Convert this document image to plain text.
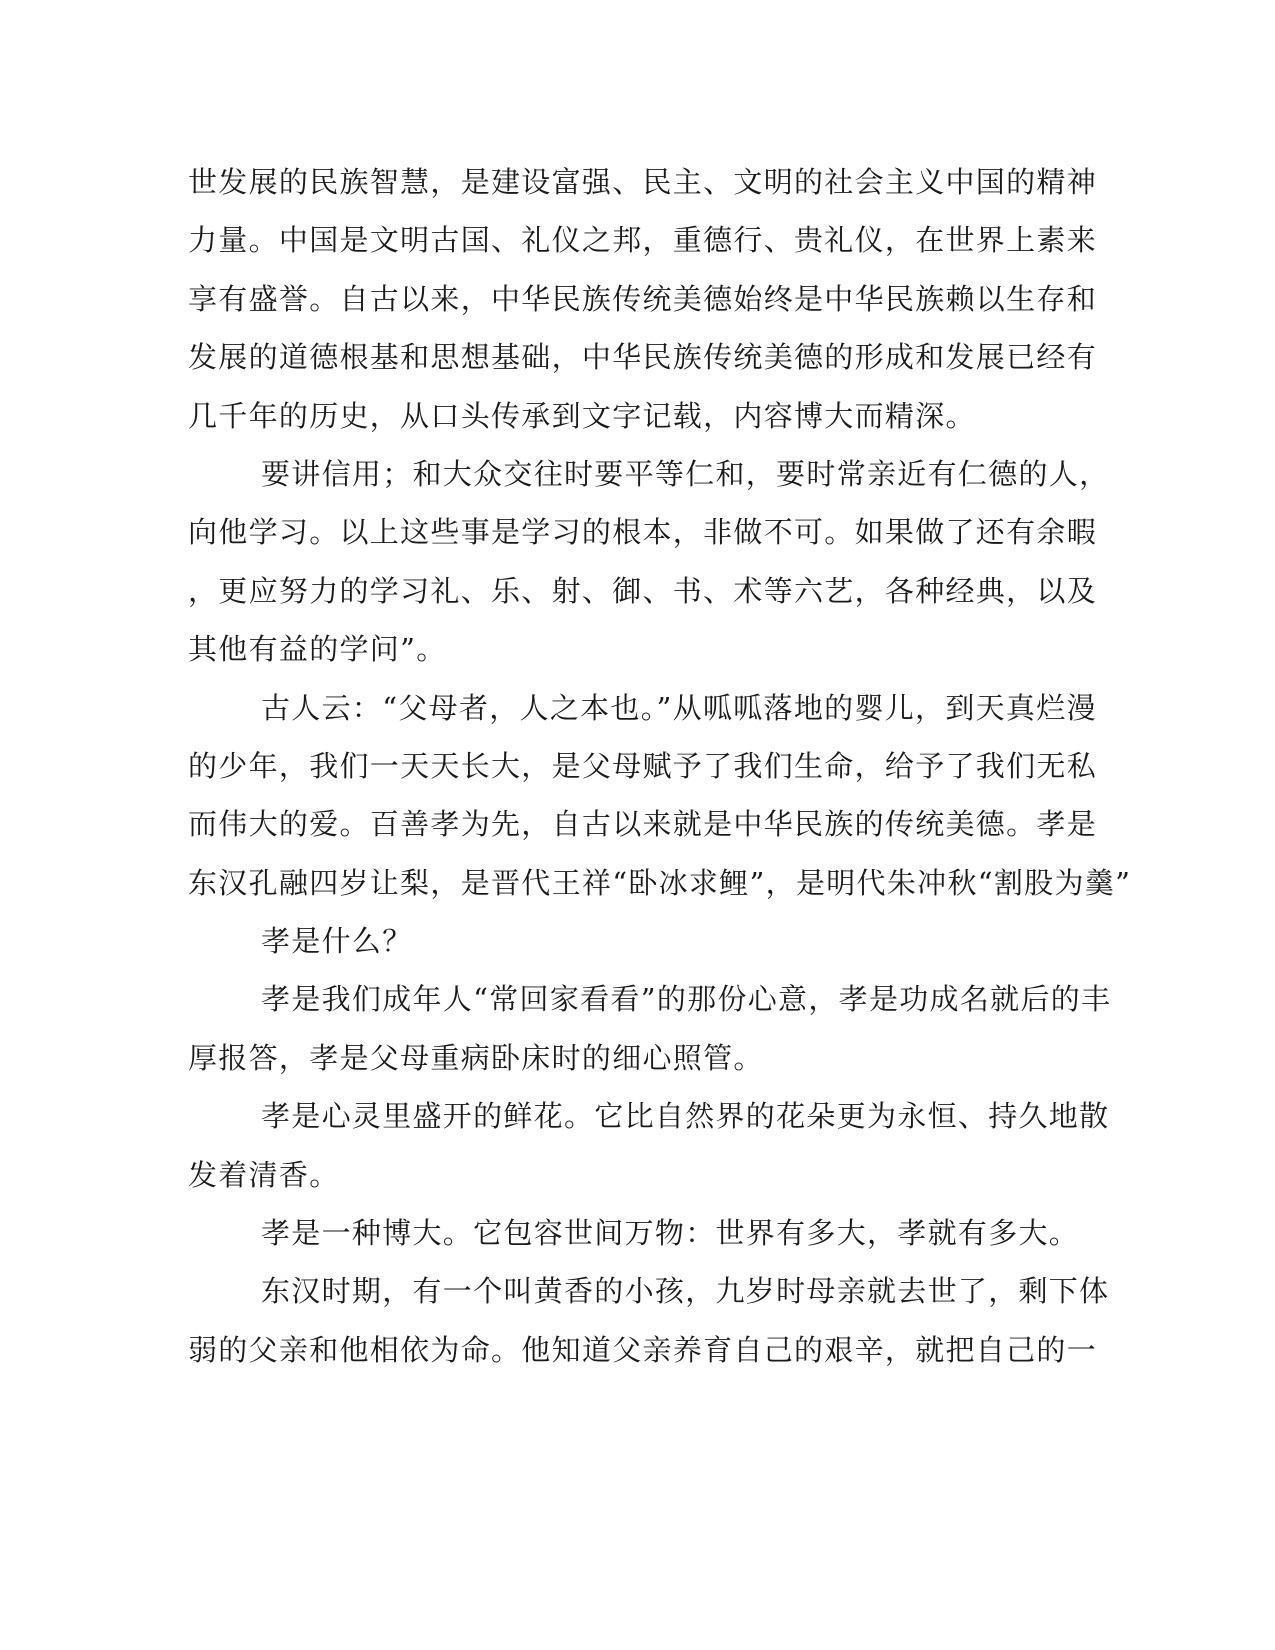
世发展的民族智慧，是建设富强、民主、文明的社会主义中国的精神
力量。中国是文明古国、礼仪之邦，重德行、贵礼仪，在世界上素来
享有盛誉。自古以来，中华民族传统美德始终是中华民族赖以生存和
发展的道德根基和思想基础，中华民族传统美德的形成和发展已经有
几千年的历史，从口头传承到文字记载，内容博大而精深。
要讲信用；和大众交往时要平等仁和，要时常亲近有仁德的人，
向他学习。以上这些事是学习的根本，非做不可。如果做了还有余暇
，更应努力的学习礼、乐、射、御、书、术等六艺，各种经典，以及
其他有益的学问”。
古人云：“父母者，人之本也。”从呱呱落地的婴儿，到天真烂漫
的少年，我们一天天长大，是父母赋予了我们生命，给予了我们无私
而伟大的爱。百善孝为先，自古以来就是中华民族的传统美德。孝是
东汉孔融四岁让梨，是晋代王祥“卧冰求鲤”，是明代朱冲秋“割股为羹”
孝是什么？
孝是我们成年人“常回家看看”的那份心意，孝是功成名就后的丰
厚报答，孝是父母重病卧床时的细心照管。
孝是心灵里盛开的鲜花。它比自然界的花朵更为永恒、持久地散
发着清香。
孝是一种博大。它包容世间万物：世界有多大，孝就有多大。
东汉时期，有一个叫黄香的小孩，九岁时母亲就去世了，剩下体
弱的父亲和他相依为命。他知道父亲养育自己的艰辛，就把自己的一
